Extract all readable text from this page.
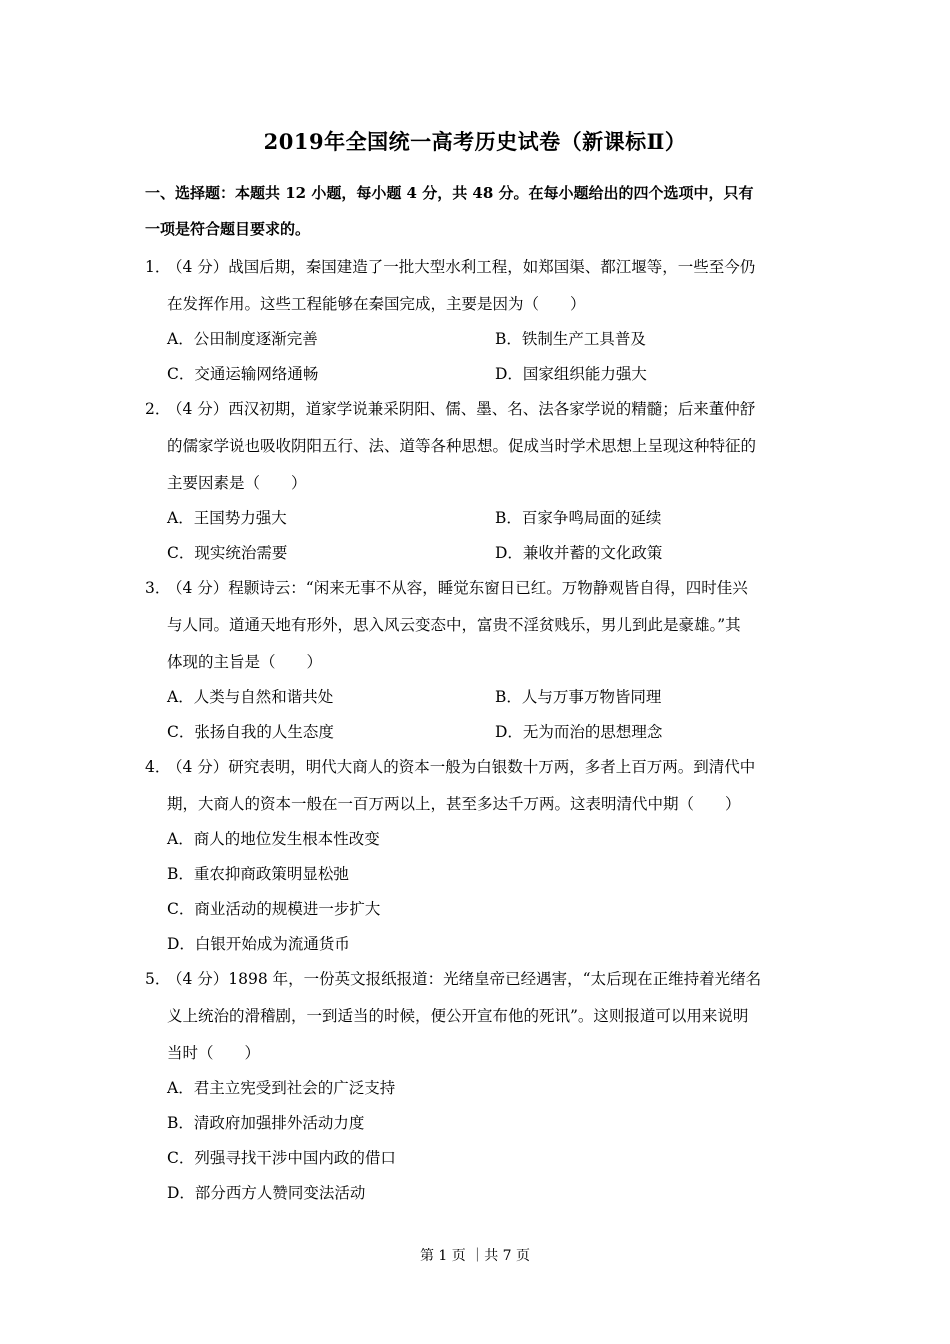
2019年全国统一高考历史试卷（新课标Ⅱ）
一、选择题：本题共 12 小题，每小题 4 分，共 48 分。在每小题给出的四个选项中，只有
一项是符合题目要求的。
1．
（4 分）战国后期，秦国建造了一批大型水利工程，如郑国渠、都江堰等，一些至今仍
在发挥作用。这些工程能够在秦国完成，主要是因为（　　）
A．公田制度逐渐完善	B．铁制生产工具普及
C．交通运输网络通畅	D．国家组织能力强大
2．
（4 分）西汉初期，道家学说兼采阴阳、儒、墨、名、法各家学说的精髓；后来董仲舒
的儒家学说也吸收阴阳五行、法、道等各种思想。促成当时学术思想上呈现这种特征的
主要因素是（　　）
A．王国势力强大	B．百家争鸣局面的延续
C．现实统治需要	D．兼收并蓄的文化政策
3．
（4 分）程颢诗云：“闲来无事不从容，睡觉东窗日已红。万物静观皆自得，四时佳兴
与人同。道通天地有形外，思入风云变态中，富贵不淫贫贱乐，男儿到此是豪雄。”其
体现的主旨是（　　）
A．人类与自然和谐共处	B．人与万事万物皆同理
C．张扬自我的人生态度	D．无为而治的思想理念
4．
（4 分）研究表明，明代大商人的资本一般为白银数十万两，多者上百万两。到清代中
期，大商人的资本一般在一百万两以上，甚至多达千万两。这表明清代中期（　　）
A．商人的地位发生根本性改变
B．重农抑商政策明显松弛
C．商业活动的规模进一步扩大
D．白银开始成为流通货币
5．
（4 分）1898 年，一份英文报纸报道：光绪皇帝已经遇害，“太后现在正维持着光绪名
义上统治的滑稽剧，一到适当的时候，便公开宣布他的死讯”。这则报道可以用来说明
当时（　　）
A．君主立宪受到社会的广泛支持
B．清政府加强排外活动力度
C．列强寻找干涉中国内政的借口
D．部分西方人赞同变法活动
第 1 页 ｜共 7 页
